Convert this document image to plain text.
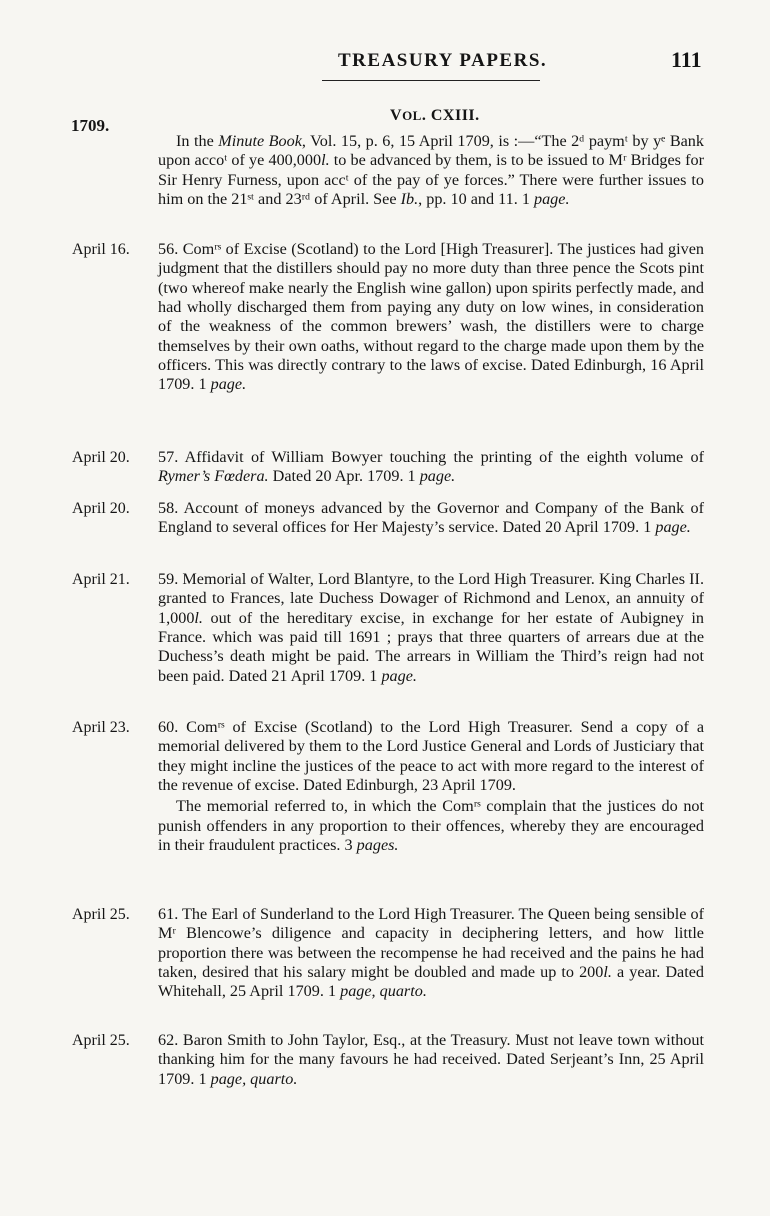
TREASURY PAPERS.	111
1709.
VOL. CXIII.

In the Minute Book, Vol. 15, p. 6, 15 April 1709, is :—“The 2ᵈ paymᵗ by yᵉ Bank upon accoᵗ of ye 400,000l. to be advanced by them, is to be issued to Mʳ Bridges for Sir Henry Furness, upon accᵗ of the pay of ye forces.” There were further issues to him on the 21ˢᵗ and 23ʳᵈ of April. See Ib., pp. 10 and 11. 1 page.

April 16. 56. Comʳˢ of Excise (Scotland) to the Lord [High Treasurer]. The justices had given judgment that the distillers should pay no more duty than three pence the Scots pint (two whereof make nearly the English wine gallon) upon spirits perfectly made, and had wholly discharged them from paying any duty on low wines, in consideration of the weakness of the common brewers’ wash, the distillers were to charge themselves by their own oaths, without regard to the charge made upon them by the officers. This was directly contrary to the laws of excise. Dated Edinburgh, 16 April 1709. 1 page.

April 20. 57. Affidavit of William Bowyer touching the printing of the eighth volume of Rymer’s Fœdera. Dated 20 Apr. 1709. 1 page.

April 20. 58. Account of moneys advanced by the Governor and Company of the Bank of England to several offices for Her Majesty’s service. Dated 20 April 1709. 1 page.

April 21. 59. Memorial of Walter, Lord Blantyre, to the Lord High Treasurer. King Charles II. granted to Frances, late Duchess Dowager of Richmond and Lenox, an annuity of 1,000l. out of the hereditary excise, in exchange for her estate of Aubigney in France. which was paid till 1691 ; prays that three quarters of arrears due at the Duchess’s death might be paid. The arrears in William the Third’s reign had not been paid. Dated 21 April 1709. 1 page.

April 23. 60. Comʳˢ of Excise (Scotland) to the Lord High Treasurer. Send a copy of a memorial delivered by them to the Lord Justice General and Lords of Justiciary that they might incline the justices of the peace to act with more regard to the interest of the revenue of excise. Dated Edinburgh, 23 April 1709.

The memorial referred to, in which the Comʳˢ complain that the justices do not punish offenders in any proportion to their offences, whereby they are encouraged in their fraudulent practices. 3 pages.

April 25. 61. The Earl of Sunderland to the Lord High Treasurer. The Queen being sensible of Mʳ Blencowe’s diligence and capacity in deciphering letters, and how little proportion there was between the recompense he had received and the pains he had taken, desired that his salary might be doubled and made up to 200l. a year. Dated Whitehall, 25 April 1709. 1 page, quarto.

April 25. 62. Baron Smith to John Taylor, Esq., at the Treasury. Must not leave town without thanking him for the many favours he had received. Dated Serjeant’s Inn, 25 April 1709. 1 page, quarto.
